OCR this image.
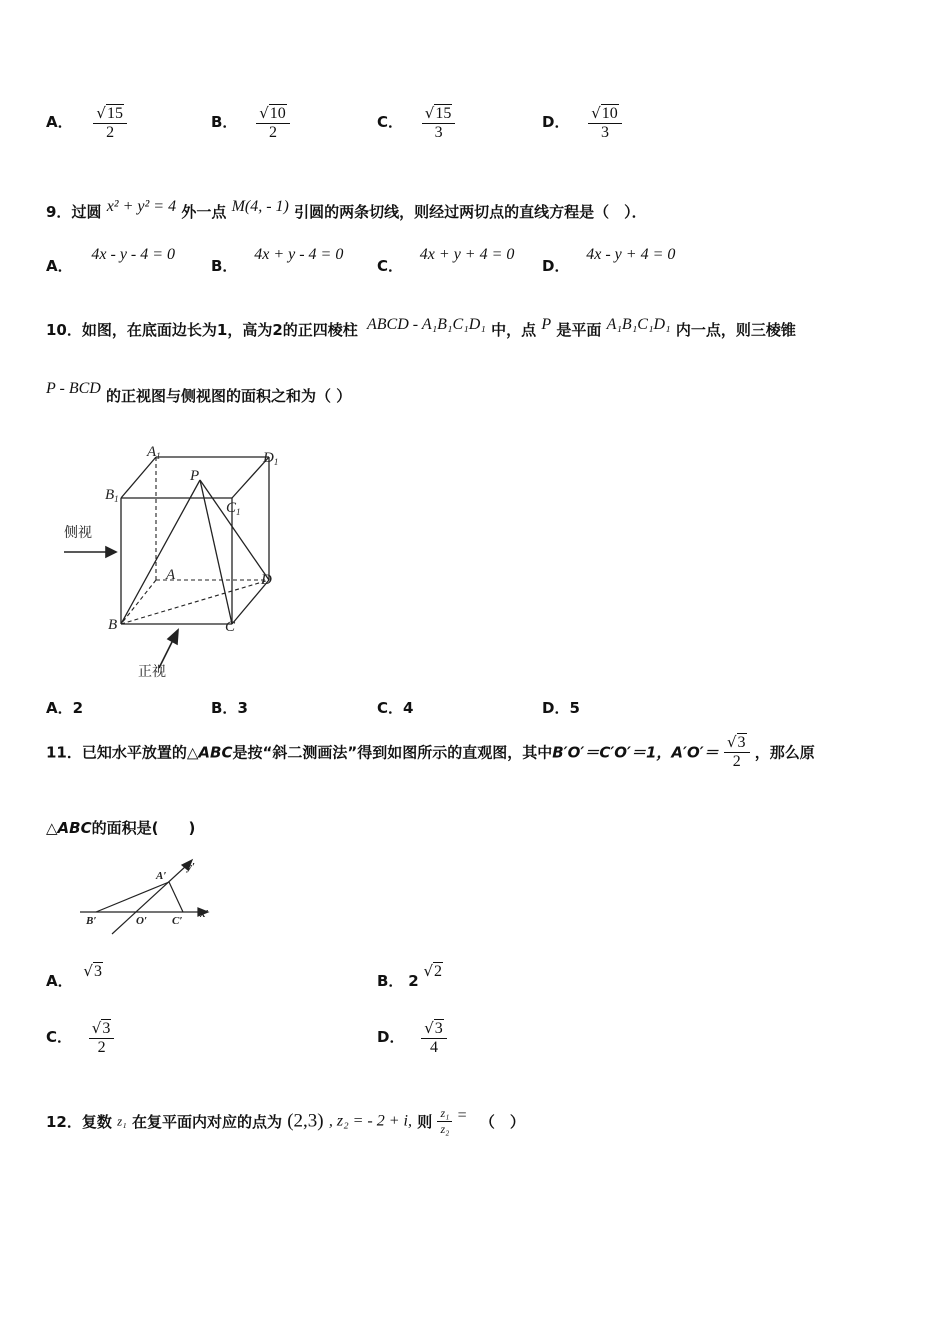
A． $\frac{√15}{2}$	B． $\frac{√10}{2}$	C． $\frac{√15}{3}$	D． $\frac{√10}{3}$
9．过圆 x² + y² = 4 外一点 M(4, - 1) 引圆的两条切线，则经过两切点的直线方程是（　）．
A． 4x - y - 4 = 0
B． 4x + y - 4 = 0
C． 4x + y + 4 = 0
D． 4x - y + 4 = 0
10．如图，在底面边长为1，高为2的正四棱柱 ABCD - A₁B₁C₁D₁ 中，点 P 是平面 A₁B₁C₁D₁ 内一点，则三棱锥
P - BCD 的正视图与侧视图的面积之和为（ ）
$A_1$	$D_1$
P
$B_1$
$C_1$
A	D
B	C
侧视
正视
A．2	B．3	C．4	D．5
11．已知水平放置的△ABC是按“斜二测画法”得到如图所示的直观图，其中B′O′＝C′O′＝1，$A'O'= \frac{√3}{2}$ ，那么原
△ABC的面积是(　　)
A′
y′
B′	O′ C′
x′
A． √3
B． 2 √2
C． $\frac{√3}{2}$	D． $\frac{√3}{4}$
12．复数 z₁ 在复平面内对应的点为 (2,3) , z₂ = - 2 + i, 则 $\frac{\text{z₁}}{\text{z₂}}$ = （　）
